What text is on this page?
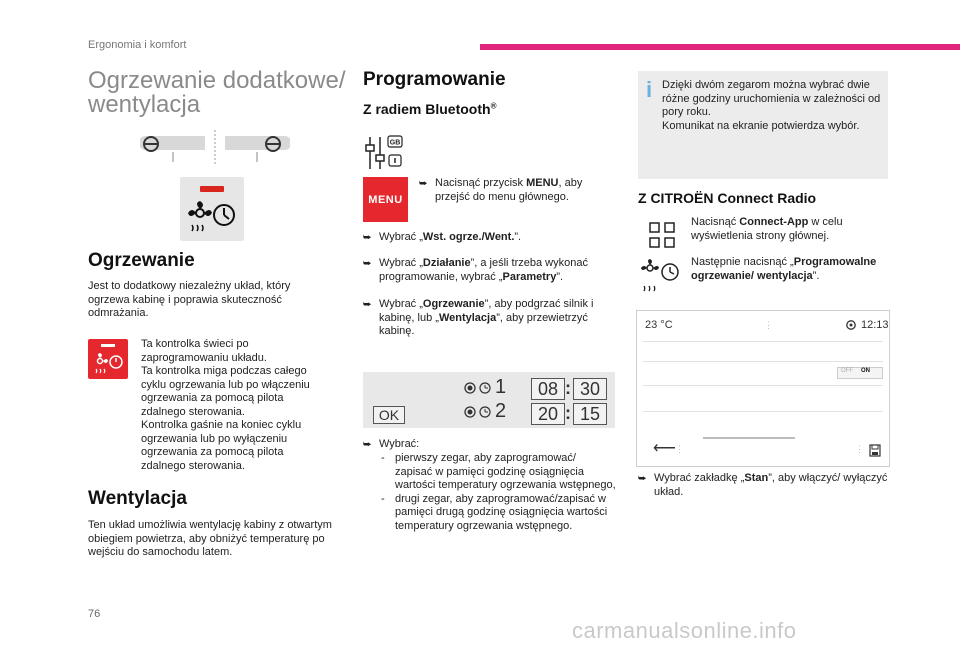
Ergonomia i komfort
Ogrzewanie dodatkowe/ wentylacja
Ogrzewanie
Jest to dodatkowy niezależny układ, który ogrzewa kabinę i poprawia skuteczność odmrażania.
Ta kontrolka świeci po zaprogramowaniu układu.
Ta kontrolka miga podczas całego cyklu ogrzewania lub po włączeniu ogrzewania za pomocą pilota zdalnego sterowania.
Kontrolka gaśnie na koniec cyklu ogrzewania lub po wyłączeniu ogrzewania za pomocą pilota zdalnego sterowania.
Wentylacja
Ten układ umożliwia wentylację kabiny z otwartym obiegiem powietrza, aby obniżyć temperaturę po wejściu do samochodu latem.
Programowanie
Z radiem Bluetooth®
GB
MENU
⮩ Nacisnąć przycisk MENU, aby przejść do menu głównego.
⮩ Wybrać „Wst. ogrze./Went.”.
⮩ Wybrać „Działanie”, a jeśli trzeba wykonać programowanie, wybrać „Parametry”.
⮩ Wybrać „Ogrzewanie”, aby podgrzać silnik i kabinę, lub „Wentylacja”, aby przewietrzyć kabinę.
OK
1	08 : 30
2	20 : 15
⮩ Wybrać:
- pierwszy zegar, aby zaprogramować/ zapisać w pamięci godzinę osiągnięcia wartości temperatury ogrzewania wstępnego,
- drugi zegar, aby zaprogramować/zapisać w pamięci drugą godzinę osiągnięcia wartości temperatury ogrzewania wstępnego.
i Dzięki dwóm zegarom można wybrać dwie różne godziny uruchomienia w zależności od pory roku.
Komunikat na ekranie potwierdza wybór.
Z CITROËN Connect Radio
Nacisnąć Connect-App w celu wyświetlenia strony głównej.
Następnie nacisnąć „Programowalne ogrzewanie/ wentylacja”.
23 °C	⋮	12:13
OFF ON
⟵ ⋮	⋮
⮩ Wybrać zakładkę „Stan”, aby włączyć/ wyłączyć układ.
76
carmanualsonline.info
